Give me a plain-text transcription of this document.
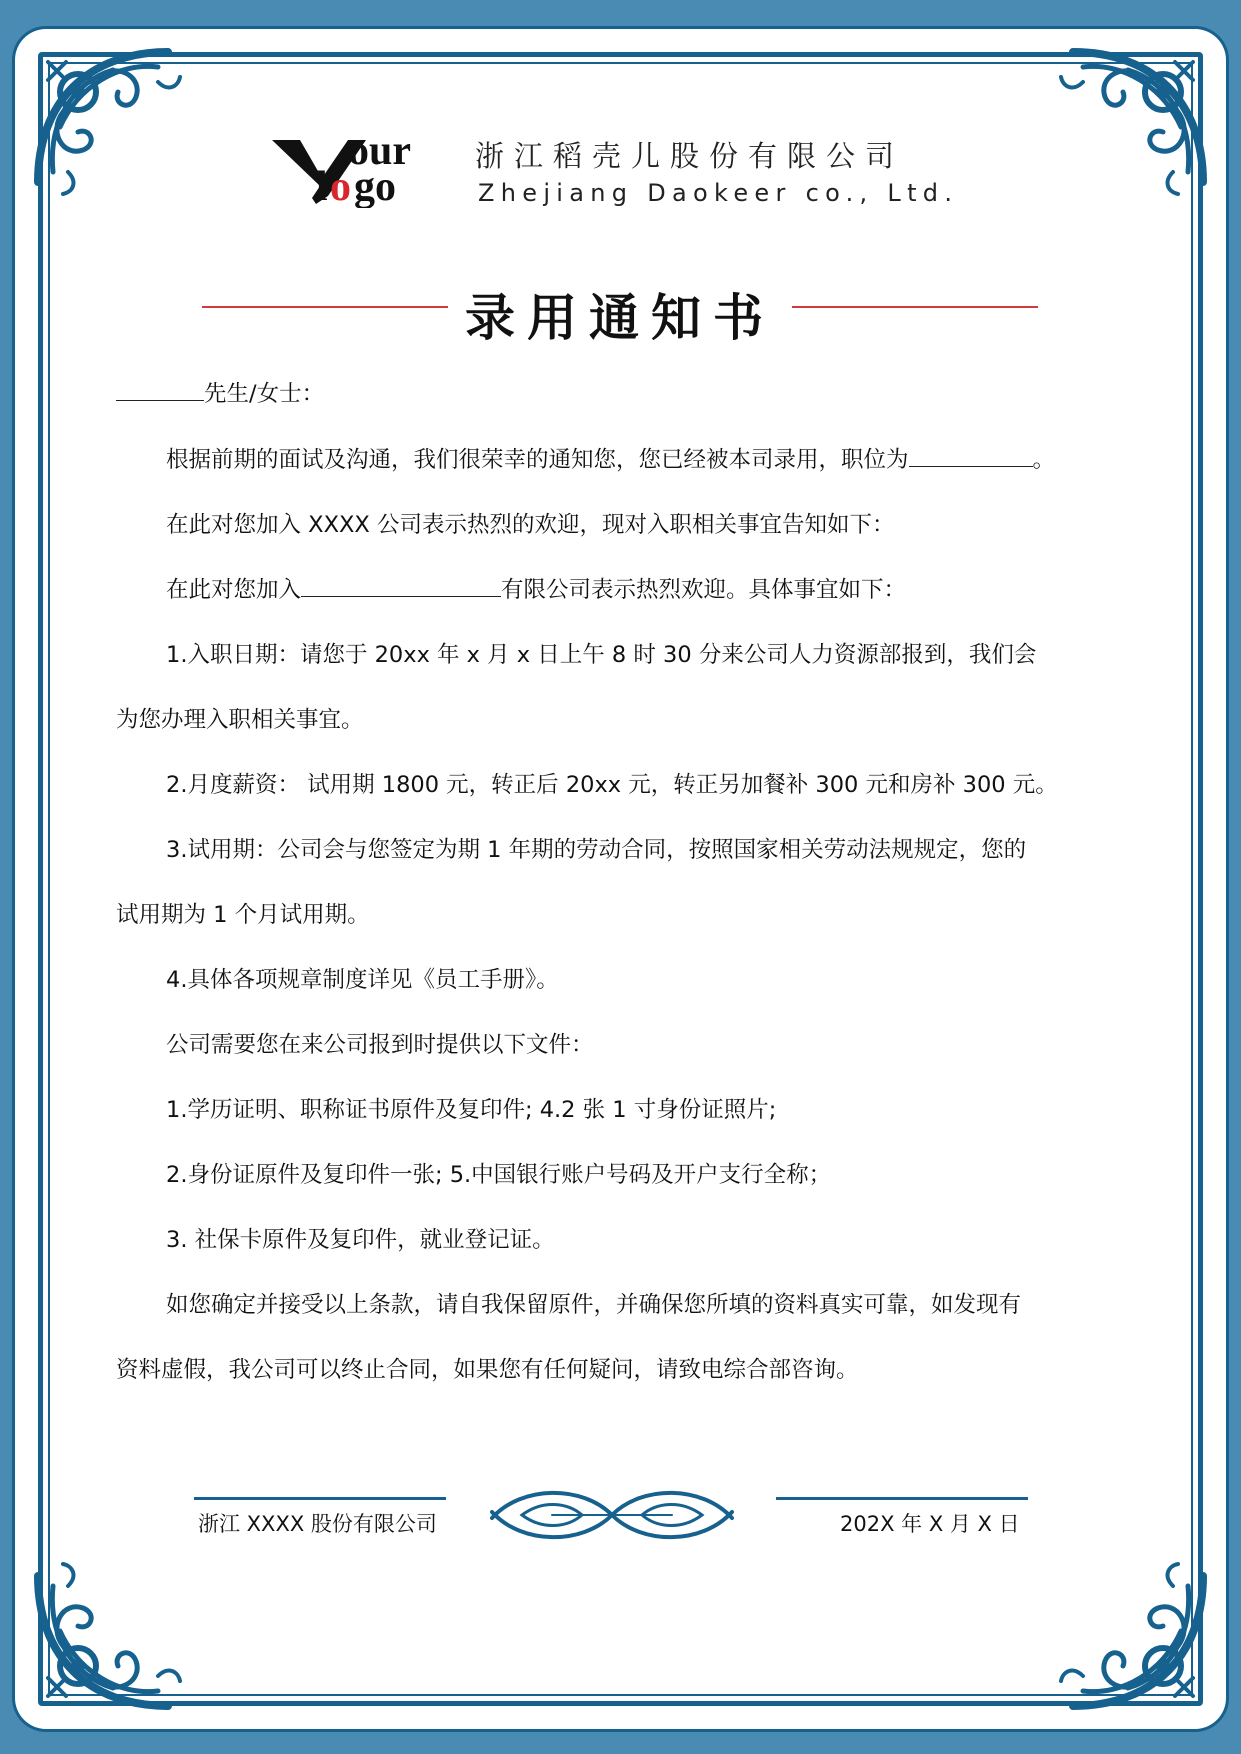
our
l o go
浙江稻壳儿股份有限公司
Zhejiang Daokeer co., Ltd.
录用通知书
先生/女士：
根据前期的面试及沟通，我们很荣幸的通知您，您已经被本司录用，职位为	。
在此对您加入 XXXX 公司表示热烈的欢迎，现对入职相关事宜告知如下：
在此对您加入	有限公司表示热烈欢迎。具体事宜如下：
1.入职日期：请您于 20xx 年 x 月 x 日上午 8 时 30 分来公司人力资源部报到，我们会
为您办理入职相关事宜。
2.月度薪资： 试用期 1800 元，转正后 20xx 元，转正另加餐补 300 元和房补 300 元。
3.试用期：公司会与您签定为期 1 年期的劳动合同，按照国家相关劳动法规规定，您的
试用期为 1 个月试用期。
4.具体各项规章制度详见《员工手册》。
公司需要您在来公司报到时提供以下文件：
1.学历证明、职称证书原件及复印件; 4.2 张 1 寸身份证照片;
2.身份证原件及复印件一张; 5.中国银行账户号码及开户支行全称；
3. 社保卡原件及复印件，就业登记证。
如您确定并接受以上条款，请自我保留原件，并确保您所填的资料真实可靠，如发现有
资料虚假，我公司可以终止合同，如果您有任何疑问，请致电综合部咨询。
浙江 XXXX 股份有限公司	202X 年 X 月 X 日
